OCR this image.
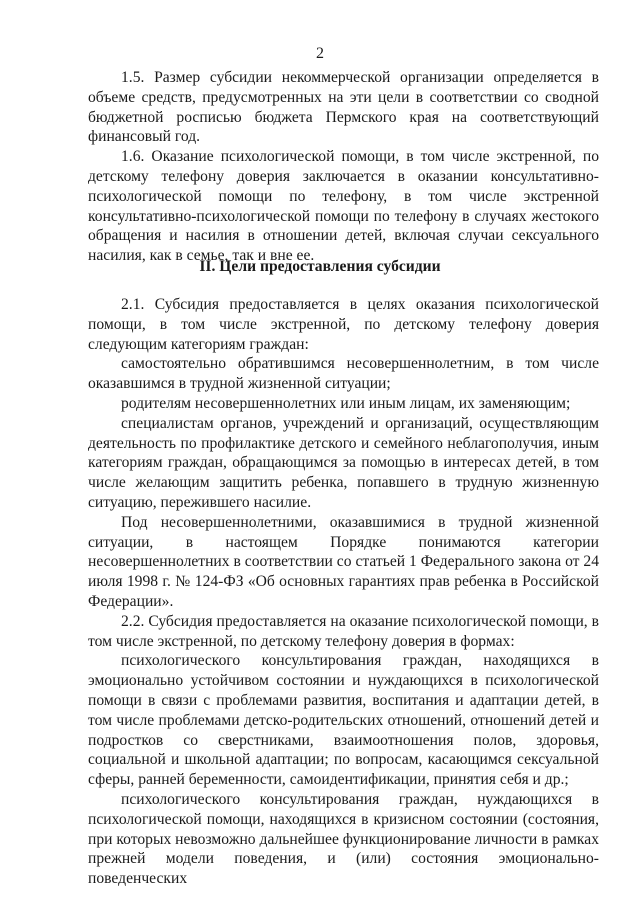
2

1.5. Размер субсидии некоммерческой организации определяется в объеме средств, предусмотренных на эти цели в соответствии со сводной бюджетной росписью бюджета Пермского края на соответствующий финансовый год.

1.6. Оказание психологической помощи, в том числе экстренной, по детскому телефону доверия заключается в оказании консультативно-психологической помощи по телефону, в том числе экстренной консультативно-психологической помощи по телефону в случаях жестокого обращения и насилия в отношении детей, включая случаи сексуального насилия, как в семье, так и вне ее.

II. Цели предоставления субсидии

2.1. Субсидия предоставляется в целях оказания психологической помощи, в том числе экстренной, по детскому телефону доверия следующим категориям граждан:

самостоятельно обратившимся несовершеннолетним, в том числе оказавшимся в трудной жизненной ситуации;

родителям несовершеннолетних или иным лицам, их заменяющим;

специалистам органов, учреждений и организаций, осуществляющим деятельность по профилактике детского и семейного неблагополучия, иным категориям граждан, обращающимся за помощью в интересах детей, в том числе желающим защитить ребенка, попавшего в трудную жизненную ситуацию, пережившего насилие.

Под несовершеннолетними, оказавшимися в трудной жизненной ситуации, в настоящем Порядке понимаются категории несовершеннолетних в соответствии со статьей 1 Федерального закона от 24 июля 1998 г. № 124-ФЗ «Об основных гарантиях прав ребенка в Российской Федерации».

2.2. Субсидия предоставляется на оказание психологической помощи, в том числе экстренной, по детскому телефону доверия в формах:

психологического консультирования граждан, находящихся в эмоционально устойчивом состоянии и нуждающихся в психологической помощи в связи с проблемами развития, воспитания и адаптации детей, в том числе проблемами детско-родительских отношений, отношений детей и подростков со сверстниками, взаимоотношения полов, здоровья, социальной и школьной адаптации; по вопросам, касающимся сексуальной сферы, ранней беременности, самоидентификации, принятия себя и др.;

психологического консультирования граждан, нуждающихся в психологической помощи, находящихся в кризисном состоянии (состояния, при которых невозможно дальнейшее функционирование личности в рамках прежней модели поведения, и (или) состояния эмоционально-поведенческих
